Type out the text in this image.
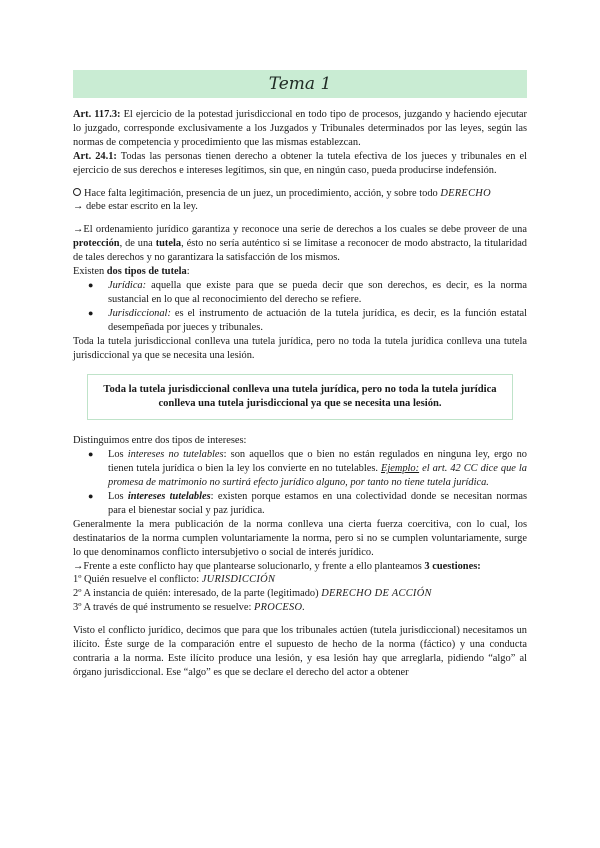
Tema 1

Art. 117.3: El ejercicio de la potestad jurisdiccional en todo tipo de procesos, juzgando y haciendo ejecutar lo juzgado, corresponde exclusivamente a los Juzgados y Tribunales determinados por las leyes, según las normas de competencia y procedimiento que las mismas establezcan.

Art. 24.1: Todas las personas tienen derecho a obtener la tutela efectiva de los jueces y tribunales en el ejercicio de sus derechos e intereses legítimos, sin que, en ningún caso, pueda producirse indefensión.

Hace falta legitimación, presencia de un juez, un procedimiento, acción, y sobre todo DERECHO

→ debe estar escrito en la ley.

→El ordenamiento jurídico garantiza y reconoce una serie de derechos a los cuales se debe proveer de una protección, de una tutela, ésto no sería auténtico si se limitase a reconocer de modo abstracto, la titularidad de tales derechos y no garantizara la satisfacción de los mismos.

Existen dos tipos de tutela:

● Jurídica: aquella que existe para que se pueda decir que son derechos, es decir, es la norma sustancial en lo que al reconocimiento del derecho se refiere.
● Jurisdiccional: es el instrumento de actuación de la tutela jurídica, es decir, es la función estatal desempeñada por jueces y tribunales.

Toda la tutela jurisdiccional conlleva una tutela jurídica, pero no toda la tutela jurídica conlleva una tutela jurisdiccional ya que se necesita una lesión.

Toda la tutela jurisdiccional conlleva una tutela jurídica, pero no toda la tutela jurídica conlleva una tutela jurisdiccional ya que se necesita una lesión.

Distinguimos entre dos tipos de intereses:

● Los intereses no tutelables: son aquellos que o bien no están regulados en ninguna ley, ergo no tienen tutela jurídica o bien la ley los convierte en no tutelables. Ejemplo: el art. 42 CC dice que la promesa de matrimonio no surtirá efecto jurídico alguno, por tanto no tiene tutela jurídica.
● Los intereses tutelables: existen porque estamos en una colectividad donde se necesitan normas para el bienestar social y paz jurídica.

Generalmente la mera publicación de la norma conlleva una cierta fuerza coercitiva, con lo cual, los destinatarios de la norma cumplen voluntariamente la norma, pero si no se cumplen voluntariamente, surge lo que denominamos conflicto intersubjetivo o social de interés jurídico.

→Frente a este conflicto hay que plantearse solucionarlo, y frente a ello planteamos 3 cuestiones:

1º Quién resuelve el conflicto: JURISDICCIÓN

2º A instancia de quién: interesado, de la parte (legitimado) DERECHO DE ACCIÓN

3º A través de qué instrumento se resuelve: PROCESO.

Visto el conflicto jurídico, decimos que para que los tribunales actúen (tutela jurisdiccional) necesitamos un ilícito. Éste surge de la comparación entre el supuesto de hecho de la norma (fáctico) y una conducta contraria a la norma. Este ilícito produce una lesión, y esa lesión hay que arreglarla, pidiendo “algo” al órgano jurisdiccional. Ese “algo” es que se declare el derecho del actor a obtener
